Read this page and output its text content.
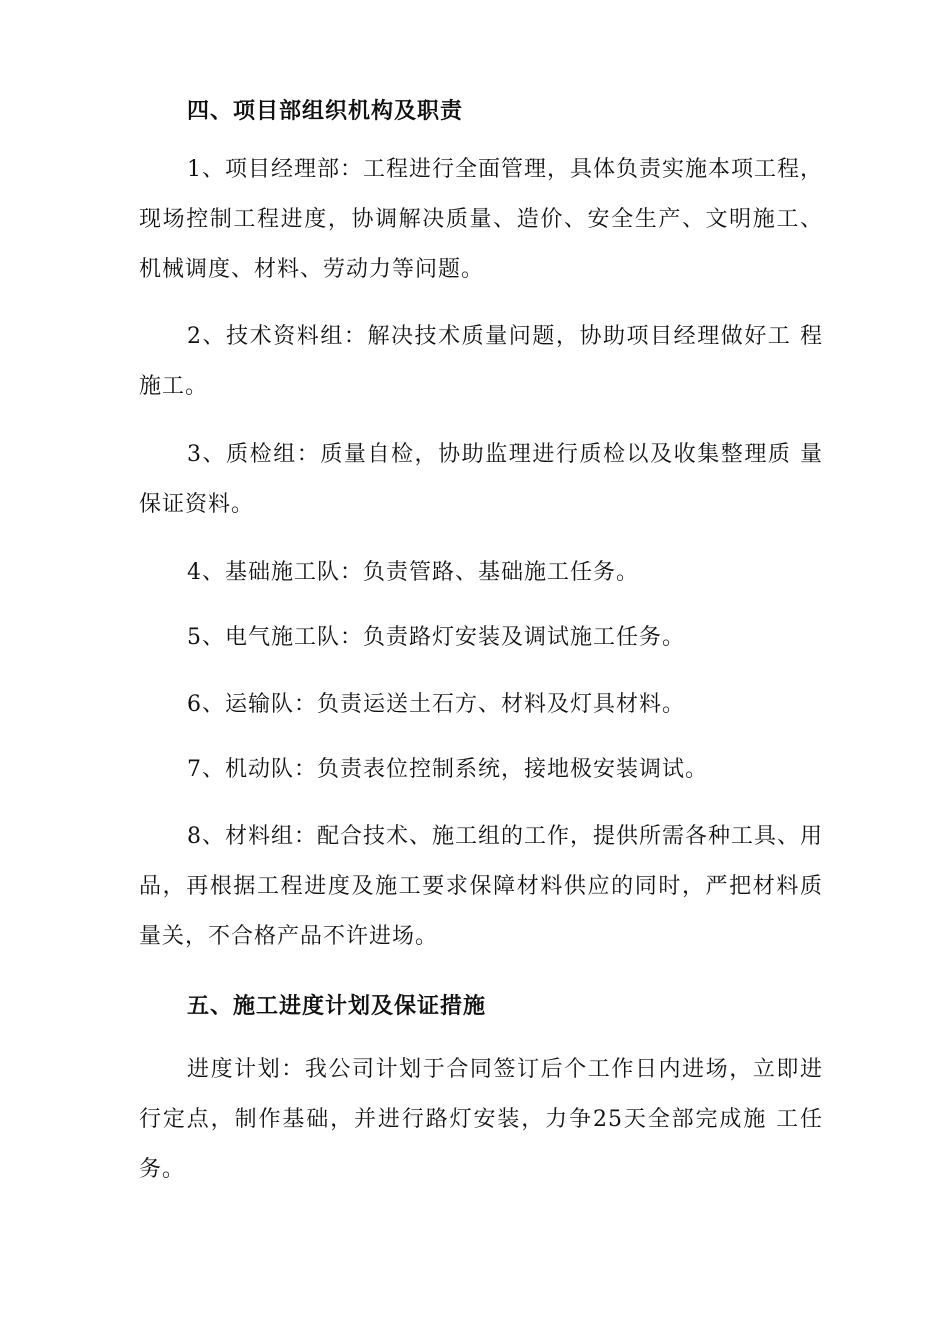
四、项目部组织机构及职责

1、项目经理部：工程进行全面管理，具体负责实施本项工程，现场控制工程进度，协调解决质量、造价、安全生产、文明施工、机械调度、材料、劳动力等问题。

2、技术资料组：解决技术质量问题，协助项目经理做好工 程施工。

3、质检组：质量自检，协助监理进行质检以及收集整理质 量保证资料。

4、基础施工队：负责管路、基础施工任务。

5、电气施工队：负责路灯安装及调试施工任务。

6、运输队：负责运送土石方、材料及灯具材料。

7、机动队：负责表位控制系统，接地极安装调试。

8、材料组：配合技术、施工组的工作，提供所需各种工具、用品，再根据工程进度及施工要求保障材料供应的同时，严把材料质量关，不合格产品不许进场。

五、施工进度计划及保证措施

进度计划：我公司计划于合同签订后个工作日内进场，立即进行定点，制作基础，并进行路灯安装，力争25天全部完成施 工任务。
